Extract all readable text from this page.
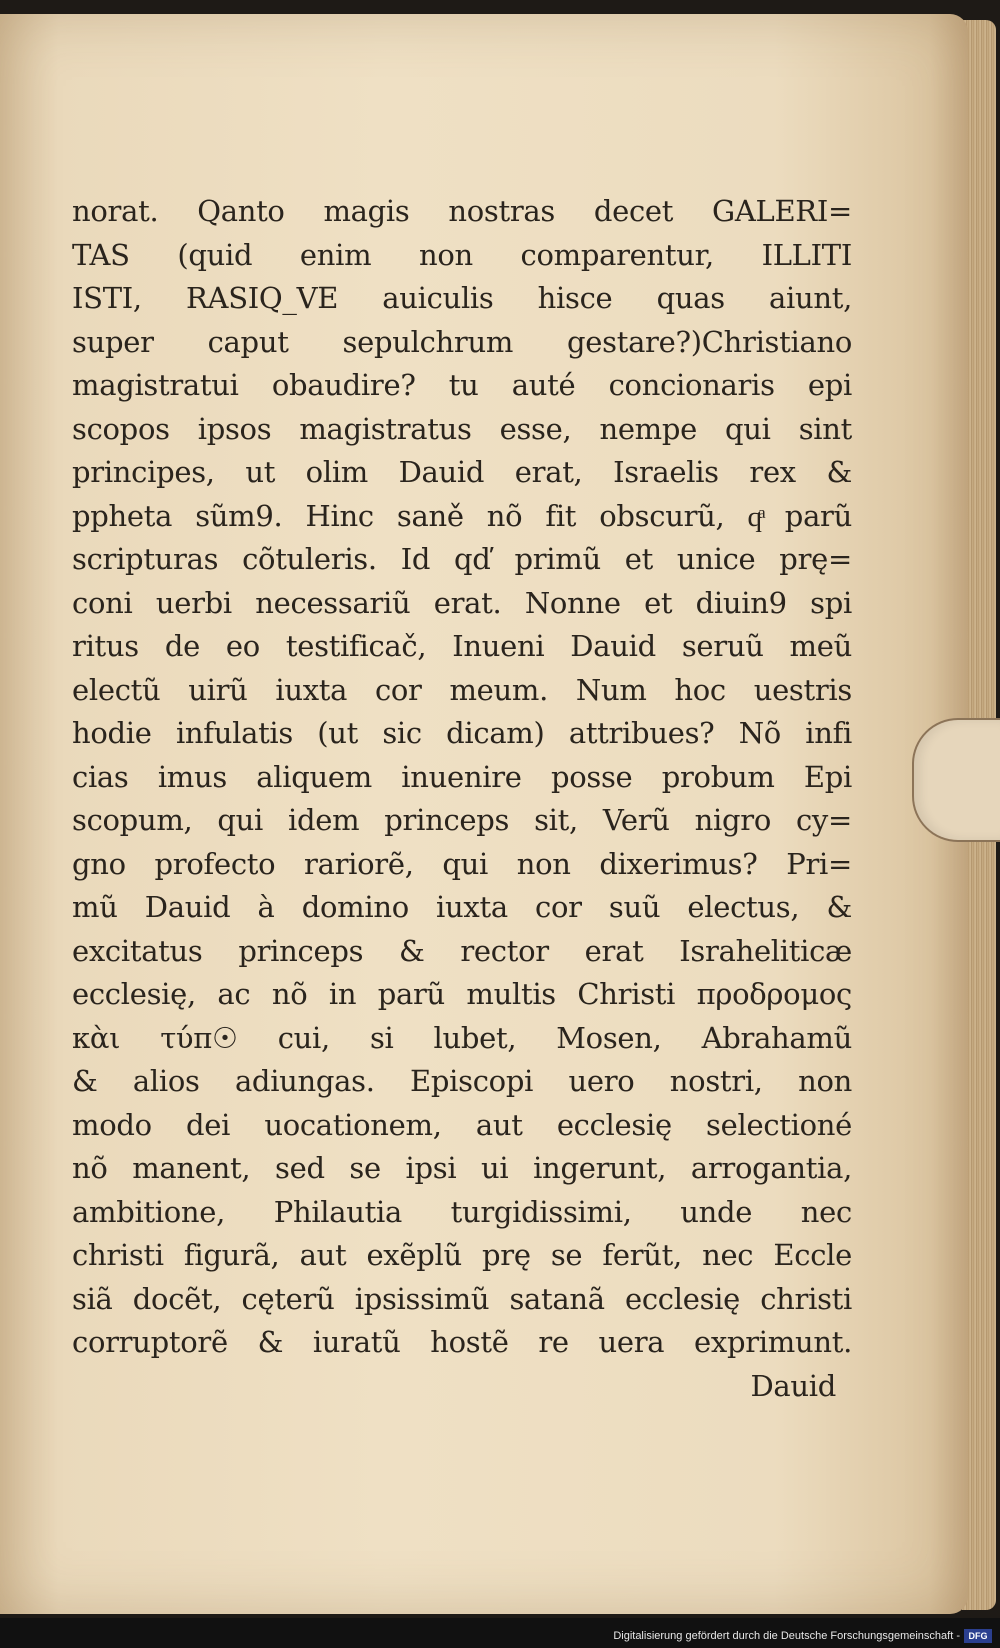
norat. Qanto magis nostras decet GALERI=
TAS (quid enim non comparentur, ILLITI
ISTI, RASIQ_VE auiculis hisce quas aiunt,
super caput sepulchrum gestare?)Christiano
magistratui obaudire? tu auté concionaris epi
scopos ipsos magistratus esse, nempe qui sint
principes, ut olim Dauid erat, Israelis rex &
ppheta sũm9. Hinc saně nõ fit obscurũ, qͣ parũ
scripturas cõtuleris. Id qď primũ et unice prę=
coni uerbi necessariũ erat. Nonne et diuin9 spi
ritus de eo testificač, Inueni Dauid seruũ meũ
electũ uirũ iuxta cor meum. Num hoc uestris
hodie infulatis (ut sic dicam) attribues? Nõ infi
cias imus aliquem inuenire posse probum Epi
scopum, qui idem princeps sit, Verũ nigro cy=
gno profecto rariorẽ, qui non dixerimus? Pri=
mũ Dauid à domino iuxta cor suũ electus, &
excitatus princeps & rector erat Israheliticæ
ecclesię, ac nõ in parũ multis Christi προδρομος
κὰι τύπ☉ cui, si lubet, Mosen, Abrahamũ
& alios adiungas. Episcopi uero nostri, non
modo dei uocationem, aut ecclesię selectioné
nõ manent, sed se ipsi ui ingerunt, arrogantia,
ambitione, Philautia turgidissimi, unde nec
christi figurã, aut exẽplũ prę se ferũt, nec Eccle
siã docẽt, cęterũ ipsissimũ satanã ecclesię christi
corruptorẽ & iuratũ hostẽ re uera exprimunt.
Dauid
Digitalisierung gefördert durch die Deutsche Forschungsgemeinschaft - DFG
